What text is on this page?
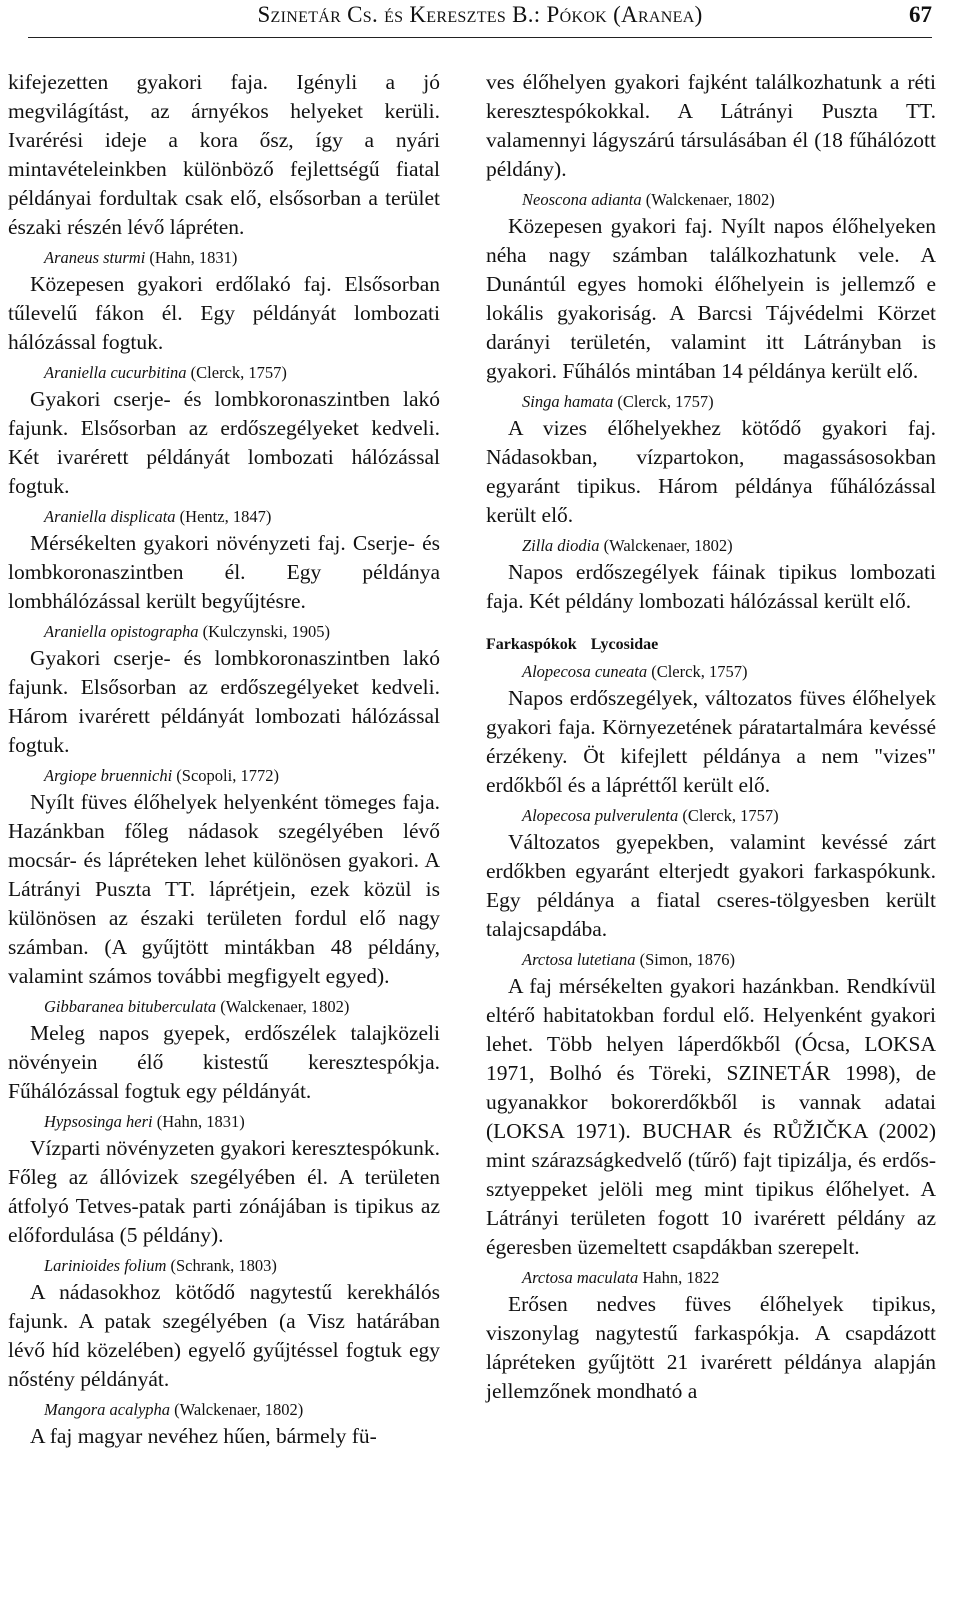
Szinetár Cs. és Keresztes B.: Pókok (Aranea)	67

kifejezetten gyakori faja. Igényli a jó megvilágítást, az árnyékos helyeket kerüli. Ivarérési ideje a kora ősz, így a nyári mintavételeinkben különböző fejlettségű fiatal példányai fordultak csak elő, elsősorban a terület északi részén lévő lápréten.

Araneus sturmi (Hahn, 1831)

Közepesen gyakori erdőlakó faj. Elsősorban tűlevelű fákon él. Egy példányát lombozati hálózással fogtuk.

Araniella cucurbitina (Clerck, 1757)

Gyakori cserje- és lombkoronaszintben lakó fajunk. Elsősorban az erdőszegélyeket kedveli. Két ivarérett példányát lombozati hálózással fogtuk.

Araniella displicata (Hentz, 1847)

Mérsékelten gyakori növényzeti faj. Cserje- és lombkoronaszintben él. Egy példánya lombhálózással került begyűjtésre.

Araniella opistographa (Kulczynski, 1905)

Gyakori cserje- és lombkoronaszintben lakó fajunk. Elsősorban az erdőszegélyeket kedveli. Három ivarérett példányát lombozati hálózással fogtuk.

Argiope bruennichi (Scopoli, 1772)

Nyílt füves élőhelyek helyenként tömeges faja. Hazánkban főleg nádasok szegélyében lévő mocsár- és lápréteken lehet különösen gyakori. A Látrányi Puszta TT. láprétjein, ezek közül is különösen az északi területen fordul elő nagy számban. (A gyűjtött mintákban 48 példány, valamint számos további megfigyelt egyed).

Gibbaranea bituberculata (Walckenaer, 1802)

Meleg napos gyepek, erdőszélek talajközeli növényein élő kistestű keresztespókja. Fűhálózással fogtuk egy példányát.

Hypsosinga heri (Hahn, 1831)

Vízparti növényzeten gyakori keresztespókunk. Főleg az állóvizek szegélyében él. A területen átfolyó Tetves-patak parti zónájában is tipikus az előfordulása (5 példány).

Larinioides folium (Schrank, 1803)

A nádasokhoz kötődő nagytestű kerekhálós fajunk. A patak szegélyében (a Visz határában lévő híd közelében) egyelő gyűjtéssel fogtuk egy nőstény példányát.

Mangora acalypha (Walckenaer, 1802)

A faj magyar nevéhez hűen, bármely fü-

ves élőhelyen gyakori fajként találkozhatunk a réti keresztespókokkal. A Látrányi Puszta TT. valamennyi lágyszárú társulásában él (18 fűhálózott példány).

Neoscona adianta (Walckenaer, 1802)

Közepesen gyakori faj. Nyílt napos élőhelyeken néha nagy számban találkozhatunk vele. A Dunántúl egyes homoki élőhelyein is jellemző e lokális gyakoriság. A Barcsi Tájvédelmi Körzet darányi területén, valamint itt Látrányban is gyakori. Fűhálós mintában 14 példánya került elő.

Singa hamata (Clerck, 1757)

A vizes élőhelyekhez kötődő gyakori faj. Nádasokban, vízpartokon, magassásosokban egyaránt tipikus. Három példánya fűhálózással került elő.

Zilla diodia (Walckenaer, 1802)

Napos erdőszegélyek fáinak tipikus lombozati faja. Két példány lombozati hálózással került elő.

Farkaspókok Lycosidae
Alopecosa cuneata (Clerck, 1757)

Napos erdőszegélyek, változatos füves élőhelyek gyakori faja. Környezetének páratartalmára kevéssé érzékeny. Öt kifejlett példánya a nem "vizes" erdőkből és a lápréttől került elő.

Alopecosa pulverulenta (Clerck, 1757)

Változatos gyepekben, valamint kevéssé zárt erdőkben egyaránt elterjedt gyakori farkaspókunk. Egy példánya a fiatal cseres-tölgyesben került talajcsapdába.

Arctosa lutetiana (Simon, 1876)

A faj mérsékelten gyakori hazánkban. Rendkívül eltérő habitatokban fordul elő. Helyenként gyakori lehet. Több helyen láperdőkből (Ócsa, LOKSA 1971, Bolhó és Töreki, SZINETÁR 1998), de ugyanakkor bokorerdőkből is vannak adatai (LOKSA 1971). BUCHAR és RŮŽIČKA (2002) mint szárazságkedvelő (tűrő) fajt tipizálja, és erdős-sztyeppeket jelöli meg mint tipikus élőhelyet. A Látrányi területen fogott 10 ivarérett példány az égeresben üzemeltett csapdákban szerepelt.

Arctosa maculata Hahn, 1822

Erősen nedves füves élőhelyek tipikus, viszonylag nagytestű farkaspókja. A csapdázott lápréteken gyűjtött 21 ivarérett példánya alapján jellemzőnek mondható a
